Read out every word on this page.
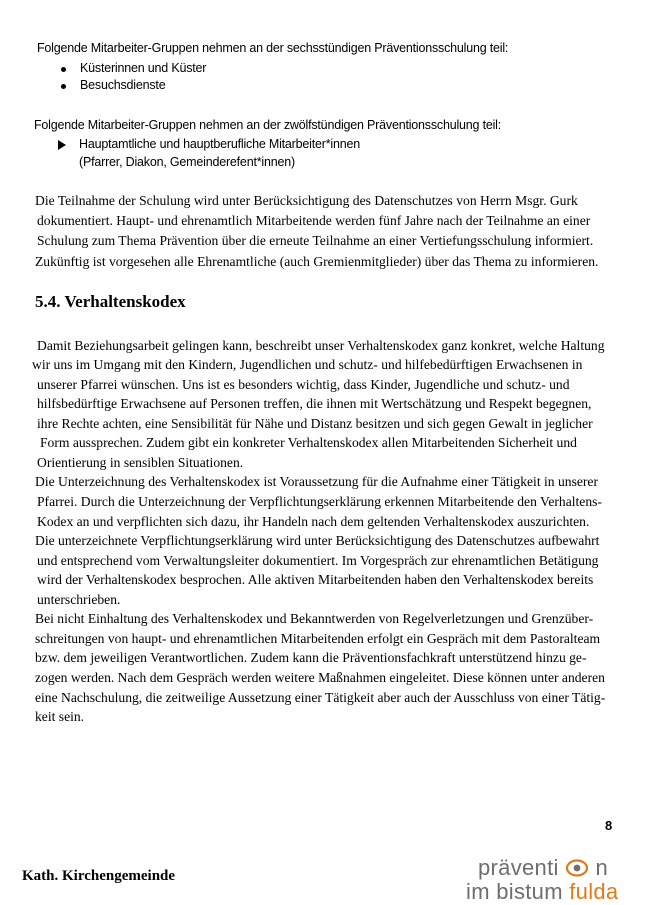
Folgende Mitarbeiter-Gruppen nehmen an der sechsstündigen Präventionsschulung teil:
Küsterinnen und Küster
Besuchsdienste
Folgende Mitarbeiter-Gruppen nehmen an der zwölfstündigen Präventionsschulung teil:
Hauptamtliche und hauptberufliche Mitarbeiter*innen
(Pfarrer, Diakon, Gemeinderefent*innen)
Die Teilnahme der Schulung wird unter Berücksichtigung des Datenschutzes von Herrn Msgr. Gurk
dokumentiert. Haupt- und ehrenamtlich Mitarbeitende werden fünf Jahre nach der Teilnahme an einer
Schulung zum Thema Prävention über die erneute Teilnahme an einer Vertiefungsschulung informiert.
Zukünftig ist vorgesehen alle Ehrenamtliche (auch Gremienmitglieder) über das Thema zu informieren.
5.4. Verhaltenskodex
Damit Beziehungsarbeit gelingen kann, beschreibt unser Verhaltenskodex ganz konkret, welche Haltung
wir uns im Umgang mit den Kindern, Jugendlichen und schutz- und hilfebedürftigen Erwachsenen in
unserer Pfarrei wünschen. Uns ist es besonders wichtig, dass Kinder, Jugendliche und schutz- und
hilfsbedürftige Erwachsene auf Personen treffen, die ihnen mit Wertschätzung und Respekt begegnen,
ihre Rechte achten, eine Sensibilität für Nähe und Distanz besitzen und sich gegen Gewalt in jeglicher
Form aussprechen. Zudem gibt ein konkreter Verhaltenskodex allen Mitarbeitenden Sicherheit und
Orientierung in sensiblen Situationen.
Die Unterzeichnung des Verhaltenskodex ist Voraussetzung für die Aufnahme einer Tätigkeit in unserer
Pfarrei. Durch die Unterzeichnung der Verpflichtungserklärung erkennen Mitarbeitende den Verhaltens-
Kodex an und verpflichten sich dazu, ihr Handeln nach dem geltenden Verhaltenskodex auszurichten.
Die unterzeichnete Verpflichtungserklärung wird unter Berücksichtigung des Datenschutzes aufbewahrt
und entsprechend vom Verwaltungsleiter dokumentiert. Im Vorgespräch zur ehrenamtlichen Betätigung
wird der Verhaltenskodex besprochen. Alle aktiven Mitarbeitenden haben den Verhaltenskodex bereits
unterschrieben.
Bei nicht Einhaltung des Verhaltenskodex und Bekanntwerden von Regelverletzungen und Grenzüber-
schreitungen von haupt- und ehrenamtlichen Mitarbeitenden erfolgt ein Gespräch mit dem Pastoralteam
bzw. dem jeweiligen Verantwortlichen. Zudem kann die Präventionsfachkraft unterstützend hinzu ge-
zogen werden. Nach dem Gespräch werden weitere Maßnahmen eingeleitet. Diese können unter anderen
eine Nachschulung, die zeitweilige Aussetzung einer Tätigkeit aber auch der Ausschluss von einer Tätig-
keit sein.
8
Kath. Kirchengemeinde	präventi n
im bistum fulda
